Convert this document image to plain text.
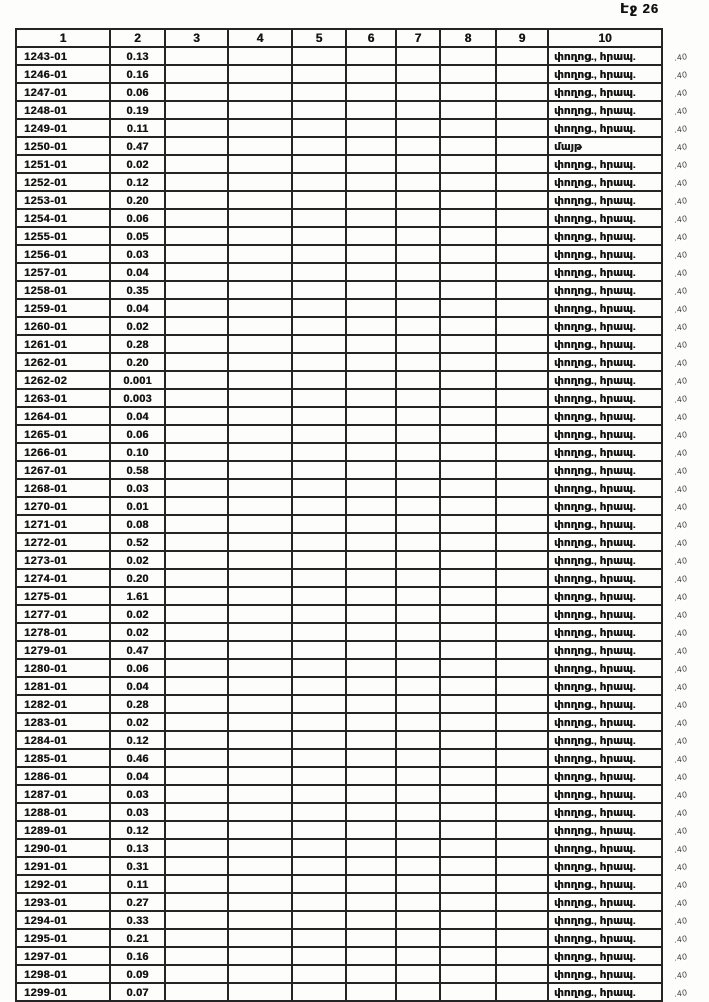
Էջ 26
1	2	3	4	5	6	7	8	9	10	
1243-01	0.13								փողոց., հրապ.	.40
1246-01	0.16								փողոց., հրապ.	.40
1247-01	0.06								փողոց., հրապ.	.40
1248-01	0.19								փողոց., հրապ.	.40
1249-01	0.11								փողոց., հրապ.	.40
1250-01	0.47								մայթ	.40
1251-01	0.02								փողոց., հրապ.	.40
1252-01	0.12								փողոց., հրապ.	.40
1253-01	0.20								փողոց., հրապ.	.40
1254-01	0.06								փողոց., հրապ.	.40
1255-01	0.05								փողոց., հրապ.	.40
1256-01	0.03								փողոց., հրապ.	.40
1257-01	0.04								փողոց., հրապ.	.40
1258-01	0.35								փողոց., հրապ.	.40
1259-01	0.04								փողոց., հրապ.	.40
1260-01	0.02								փողոց., հրապ.	.40
1261-01	0.28								փողոց., հրապ.	.40
1262-01	0.20								փողոց., հրապ.	.40
1262-02	0.001								փողոց., հրապ.	.40
1263-01	0.003								փողոց., հրապ.	.40
1264-01	0.04								փողոց., հրապ.	.40
1265-01	0.06								փողոց., հրապ.	.40
1266-01	0.10								փողոց., հրապ.	.40
1267-01	0.58								փողոց., հրապ.	.40
1268-01	0.03								փողոց., հրապ.	.40
1270-01	0.01								փողոց., հրապ.	.40
1271-01	0.08								փողոց., հրապ.	.40
1272-01	0.52								փողոց., հրապ.	.40
1273-01	0.02								փողոց., հրապ.	.40
1274-01	0.20								փողոց., հրապ.	.40
1275-01	1.61								փողոց., հրապ.	.40
1277-01	0.02								փողոց., հրապ.	.40
1278-01	0.02								փողոց., հրապ.	.40
1279-01	0.47								փողոց., հրապ.	.40
1280-01	0.06								փողոց., հրապ.	.40
1281-01	0.04								փողոց., հրապ.	.40
1282-01	0.28								փողոց., հրապ.	.40
1283-01	0.02								փողոց., հրապ.	.40
1284-01	0.12								փողոց., հրապ.	.40
1285-01	0.46								փողոց., հրապ.	.40
1286-01	0.04								փողոց., հրապ.	.40
1287-01	0.03								փողոց., հրապ.	.40
1288-01	0.03								փողոց., հրապ.	.40
1289-01	0.12								փողոց., հրապ.	.40
1290-01	0.13								փողոց., հրապ.	.40
1291-01	0.31								փողոց., հրապ.	.40
1292-01	0.11								փողոց., հրապ.	.40
1293-01	0.27								փողոց., հրապ.	.40
1294-01	0.33								փողոց., հրապ.	.40
1295-01	0.21								փողոց., հրապ.	.40
1297-01	0.16								փողոց., հրապ.	.40
1298-01	0.09								փողոց., հրապ.	.40
1299-01	0.07								փողոց., հրապ.	.40
